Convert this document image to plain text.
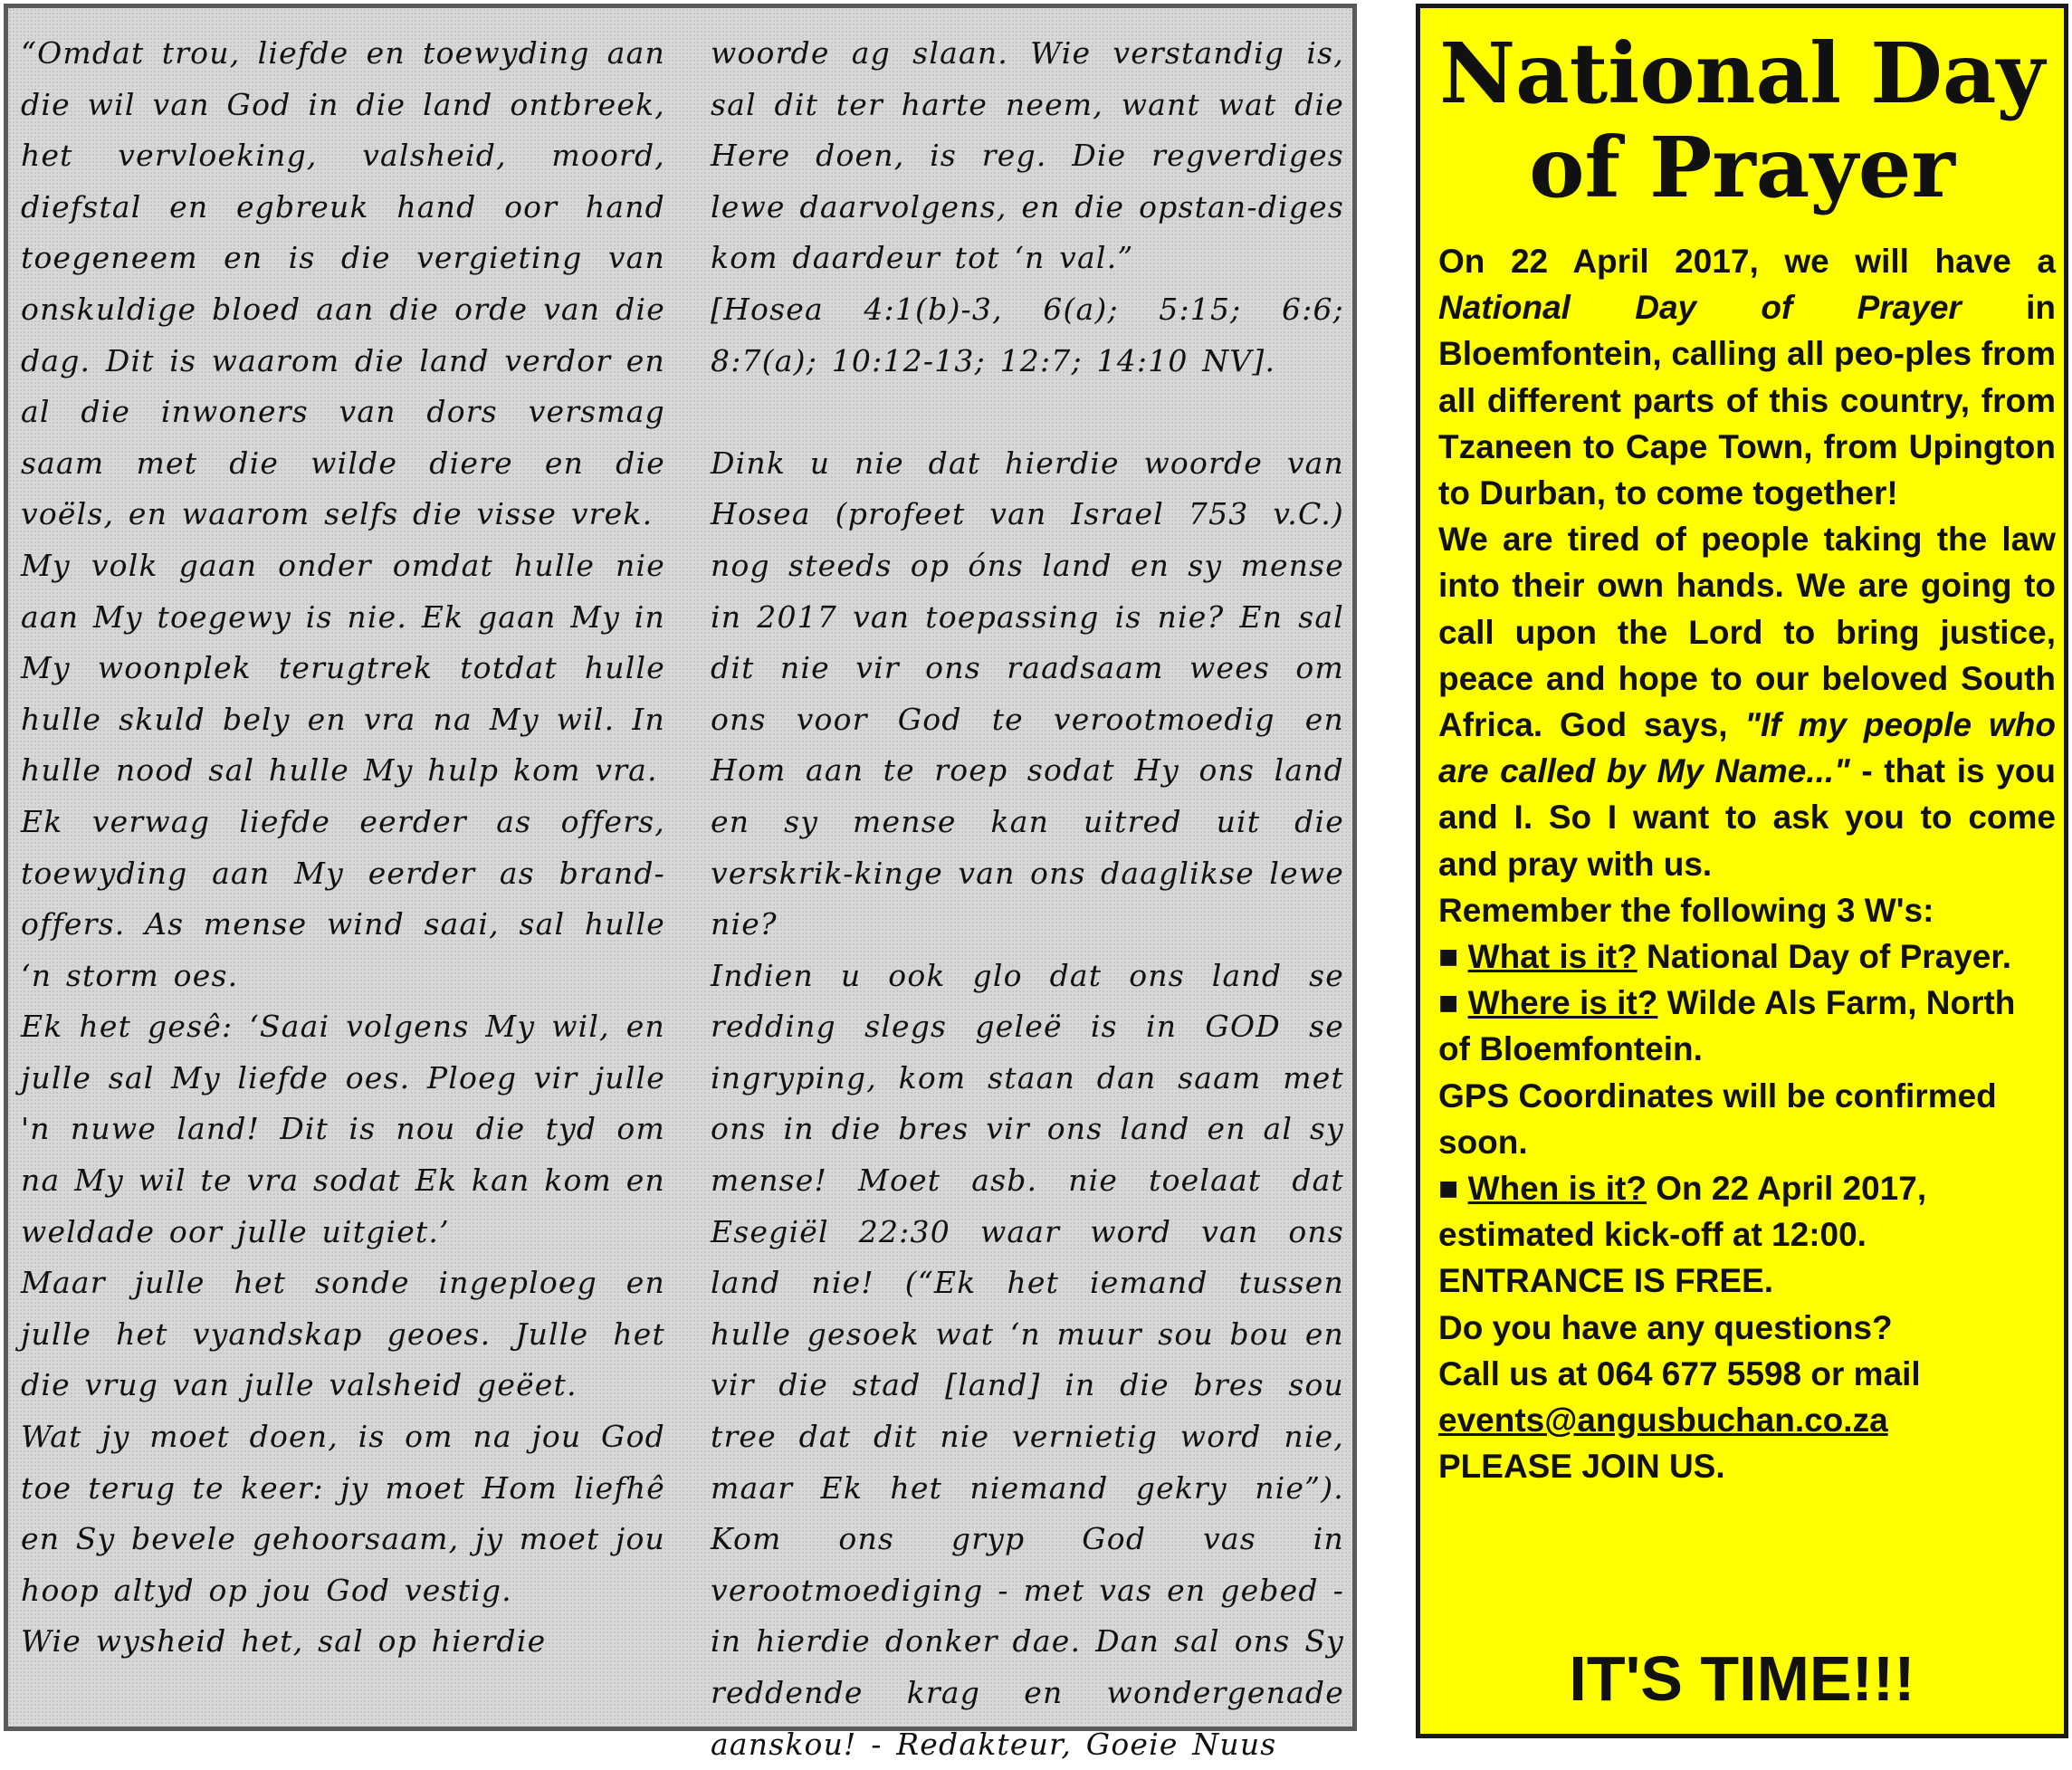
“Omdat trou, liefde en toewyding aan die wil van God in die land ontbreek, het vervloeking, valsheid, moord, diefstal en egbreuk hand oor hand toegeneem en is die vergieting van onskuldige bloed aan die orde van die dag. Dit is waarom die land verdor en al die inwoners van dors versmag saam met die wilde diere en die voëls, en waarom selfs die visse vrek.

My volk gaan onder omdat hulle nie aan My toegewy is nie. Ek gaan My in My woonplek terugtrek totdat hulle hulle skuld bely en vra na My wil. In hulle nood sal hulle My hulp kom vra.

Ek verwag liefde eerder as offers, toewyding aan My eerder as brand-offers. As mense wind saai, sal hulle ‘n storm oes.

Ek het gesê: ‘Saai volgens My wil, en julle sal My liefde oes. Ploeg vir julle 'n nuwe land! Dit is nou die tyd om na My wil te vra sodat Ek kan kom en weldade oor julle uitgiet.’

Maar julle het sonde ingeploeg en julle het vyandskap geoes. Julle het die vrug van julle valsheid geëet.

Wat jy moet doen, is om na jou God toe terug te keer: jy moet Hom liefhê en Sy bevele gehoorsaam, jy moet jou hoop altyd op jou God vestig.

Wie wysheid het, sal op hierdie

woorde ag slaan. Wie verstandig is, sal dit ter harte neem, want wat die Here doen, is reg. Die regverdiges lewe daarvolgens, en die opstan-diges kom daardeur tot ‘n val.”

[Hosea 4:1(b)-3, 6(a); 5:15; 6:6; 8:7(a); 10:12-13; 12:7; 14:10 NV].

Dink u nie dat hierdie woorde van Hosea (profeet van Israel 753 v.C.) nog steeds op óns land en sy mense in 2017 van toepassing is nie? En sal dit nie vir ons raadsaam wees om ons voor God te verootmoedig en Hom aan te roep sodat Hy ons land en sy mense kan uitred uit die verskrik-kinge van ons daaglikse lewe nie?

Indien u ook glo dat ons land se redding slegs geleë is in GOD se ingryping, kom staan dan saam met ons in die bres vir ons land en al sy mense! Moet asb. nie toelaat dat Esegiël 22:30 waar word van ons land nie! (“Ek het iemand tussen hulle gesoek wat ‘n muur sou bou en vir die stad [land] in die bres sou tree dat dit nie vernietig word nie, maar Ek het niemand gekry nie”). Kom ons gryp God vas in verootmoediging - met vas en gebed - in hierdie donker dae. Dan sal ons Sy reddende krag en wondergenade aanskou! - Redakteur, Goeie Nuus

National Day
of Prayer

On 22 April 2017, we will have a National Day of Prayer in Bloemfontein, calling all peo-ples from all different parts of this country, from Tzaneen to Cape Town, from Upington to Durban, to come together!

We are tired of people taking the law into their own hands. We are going to call upon the Lord to bring justice, peace and hope to our beloved South Africa. God says, "If my people who are called by My Name..." - that is you and I. So I want to ask you to come and pray with us.

Remember the following 3 W's:

■ What is it? National Day of Prayer.

■ Where is it? Wilde Als Farm, North of Bloemfontein.

GPS Coordinates will be confirmed soon.

■ When is it? On 22 April 2017, estimated kick-off at 12:00.

ENTRANCE IS FREE.

Do you have any questions?

Call us at 064 677 5598 or mail

events@angusbuchan.co.za

PLEASE JOIN US.

IT'S TIME!!!
